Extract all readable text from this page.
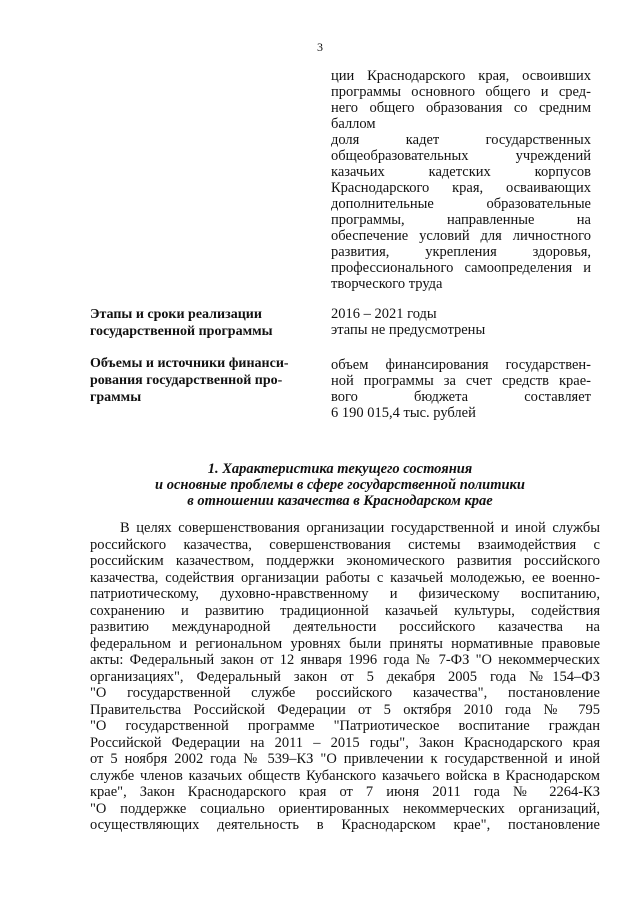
3
ции Краснодарского края, освоивших
программы основного общего и сред-
него общего образования со средним
баллом
доля кадет государственных
общеобразовательных учреждений
казачьих кадетских корпусов
Краснодарского края, осваивающих
дополнительные образовательные
программы, направленные на
обеспечение условий для личностного
развития, укрепления здоровья,
профессионального самоопределения и
творческого труда
Этапы и сроки реализации
государственной программы
2016 – 2021 годы
этапы не предусмотрены
Объемы и источники финанси-
рования государственной про-
граммы
объем финансирования государствен-
ной программы за счет средств крае-
вого бюджета составляет
6 190 015,4 тыс. рублей
1. Характеристика текущего состояния
и основные проблемы в сфере государственной политики
в отношении казачества в Краснодарском крае
В целях совершенствования организации государственной и иной службы
российского казачества, совершенствования системы взаимодействия с
российским казачеством, поддержки экономического развития российского
казачества, содействия организации работы с казачьей молодежью, ее военно-
патриотическому, духовно-нравственному и физическому воспитанию,
сохранению и развитию традиционной казачьей культуры, содействия
развитию международной деятельности российского казачества на
федеральном и региональном уровнях были приняты нормативные правовые
акты: Федеральный закон от 12 января 1996 года № 7-ФЗ "О некоммерческих
организациях", Федеральный закон от 5 декабря 2005 года №154–ФЗ
"О государственной службе российского казачества", постановление
Правительства Российской Федерации от 5 октября 2010 года № 795
"О государственной программе "Патриотическое воспитание граждан
Российской Федерации на 2011 – 2015 годы", Закон Краснодарского края
от 5 ноября 2002 года № 539–КЗ "О привлечении к государственной и иной
службе членов казачьих обществ Кубанского казачьего войска в Краснодарском
крае", Закон Краснодарского края от 7 июня 2011 года № 2264-КЗ
"О поддержке социально ориентированных некоммерческих организаций,
осуществляющих деятельность в Краснодарском крае", постановление
